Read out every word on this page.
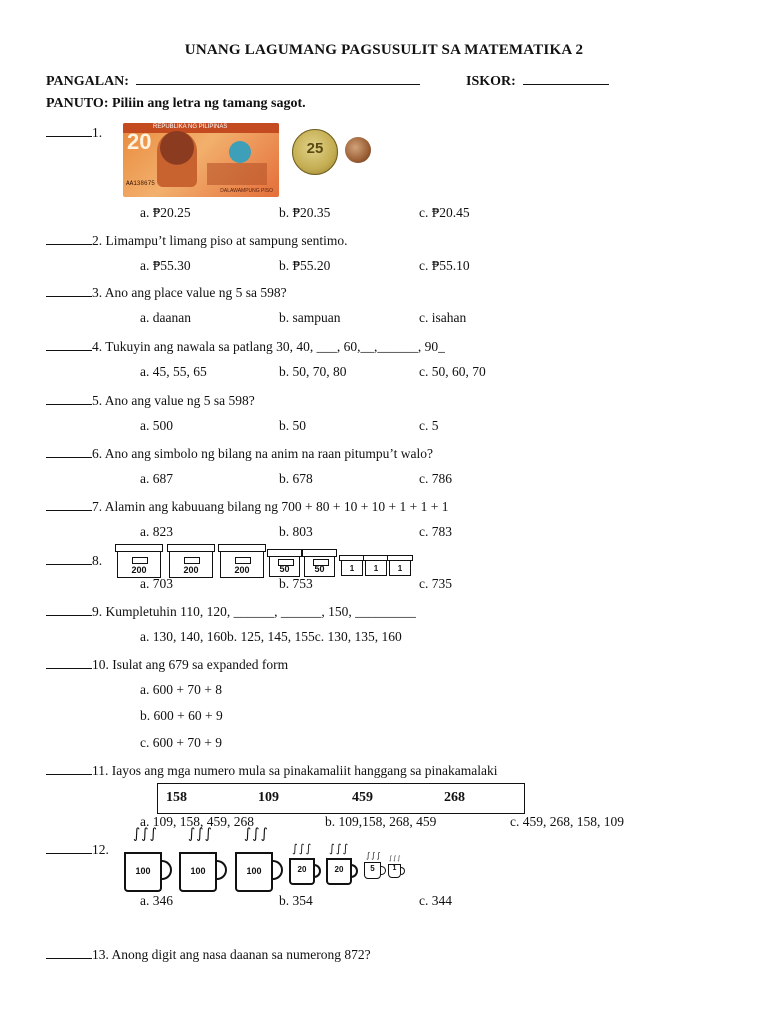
UNANG LAGUMANG PAGSUSULIT SA MATEMATIKA 2
PANGALAN:	ISKOR:
PANUTO: Piliin ang letra ng tamang sagot.
1.	REPUBLIKA NG PILIPINAS
20
AA138675
DALAWAMPUNG PISO
25
a. ₱20.25	b. ₱20.35	c. ₱20.45
2. Limampu’t limang piso at sampung sentimo.
a. ₱55.30	b. ₱55.20	c. ₱55.10
3. Ano ang place value ng 5 sa 598?
a. daanan	b. sampuan	c. isahan
4. Tukuyin ang nawala sa patlang 30, 40, ___, 60,__,______, 90_
a. 45, 55, 65	b. 50, 70, 80	c. 50, 60, 70
5. Ano ang value ng 5 sa 598?
a. 500	b. 50	c. 5
6. Ano ang simbolo ng bilang na anim na raan pitumpu’t walo?
a. 687	b. 678	c. 786
7. Alamin ang kabuuang bilang ng 700 + 80 + 10 + 10 + 1 + 1 + 1
a. 823	b. 803	c. 783
8.
200	200	200	50	50	1	1	1
a. 703	b. 753	c. 735
9. Kumpletuhin 110, 120, ______, ______, 150, _________
a. 130, 140, 160b. 125, 145, 155c. 130, 135, 160
10. Isulat ang 679 sa expanded form
a. 600 + 70 + 8
b. 600 + 60 + 9
c. 600 + 70 + 9
11. Iayos ang mga numero mula sa pinakamaliit hanggang sa pinakamalaki
158	109	459	268
a. 109, 158, 459, 268	b. 109,158, 268, 459	c. 459, 268, 158, 109
12.
∫∫∫
100
∫∫∫
100
∫∫∫
100
∫∫∫
20
∫∫∫
20
∫∫∫
5
∫∫∫
1
a. 346	b. 354	c. 344
13. Anong digit ang nasa daanan sa numerong 872?
